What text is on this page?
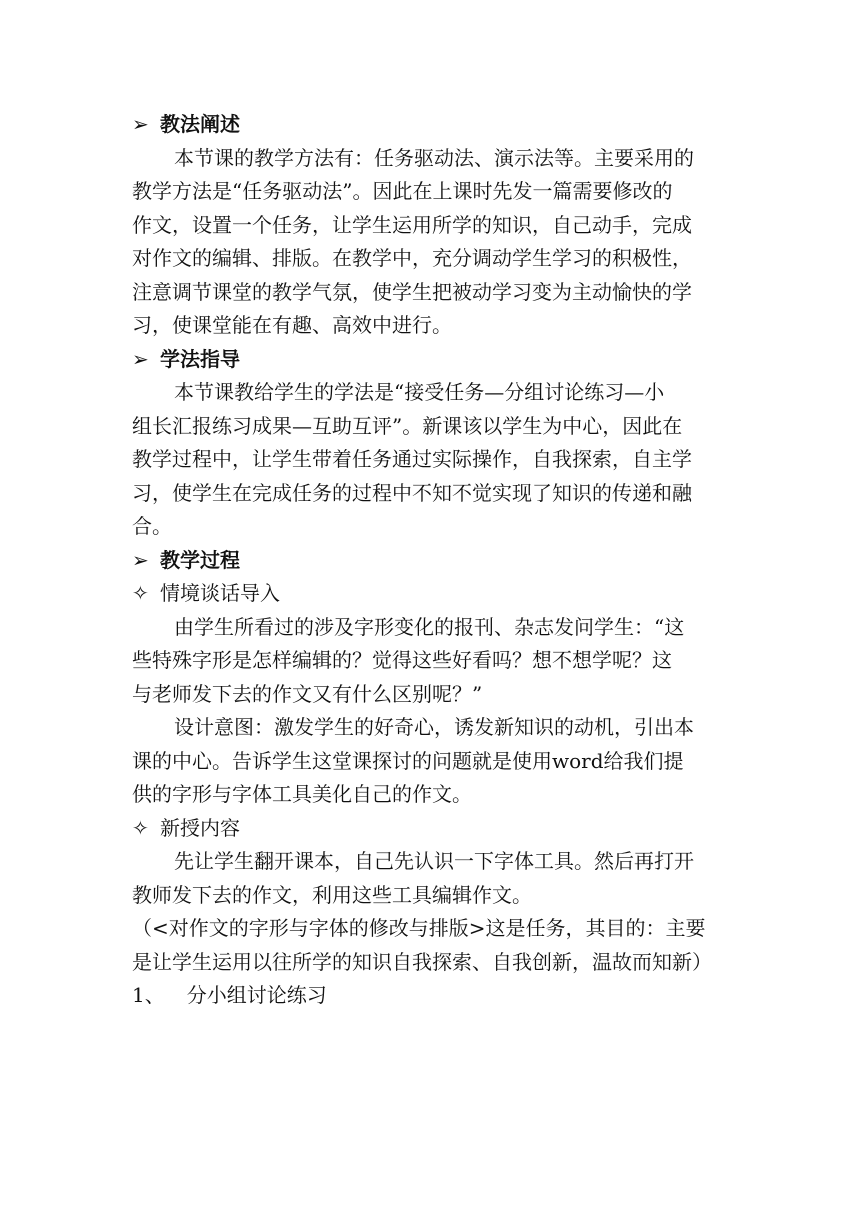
➢ 教法阐述
本节课的教学方法有：任务驱动法、演示法等。主要采用的
教学方法是“任务驱动法”。因此在上课时先发一篇需要修改的
作文，设置一个任务，让学生运用所学的知识，自己动手，完成
对作文的编辑、排版。在教学中，充分调动学生学习的积极性，
注意调节课堂的教学气氛，使学生把被动学习变为主动愉快的学
习，使课堂能在有趣、高效中进行。
➢ 学法指导
本节课教给学生的学法是“接受任务—分组讨论练习—小
组长汇报练习成果—互助互评”。新课该以学生为中心，因此在
教学过程中，让学生带着任务通过实际操作，自我探索，自主学
习，使学生在完成任务的过程中不知不觉实现了知识的传递和融
合。
➢ 教学过程
✧ 情境谈话导入
由学生所看过的涉及字形变化的报刊、杂志发问学生：“这
些特殊字形是怎样编辑的？觉得这些好看吗？想不想学呢？这
与老师发下去的作文又有什么区别呢？”
设计意图：激发学生的好奇心，诱发新知识的动机，引出本
课的中心。告诉学生这堂课探讨的问题就是使用word给我们提
供的字形与字体工具美化自己的作文。
✧ 新授内容
先让学生翻开课本，自己先认识一下字体工具。然后再打开
教师发下去的作文，利用这些工具编辑作文。
（<对作文的字形与字体的修改与排版>这是任务，其目的：主要
是让学生运用以往所学的知识自我探索、自我创新，温故而知新）
1、 分小组讨论练习
